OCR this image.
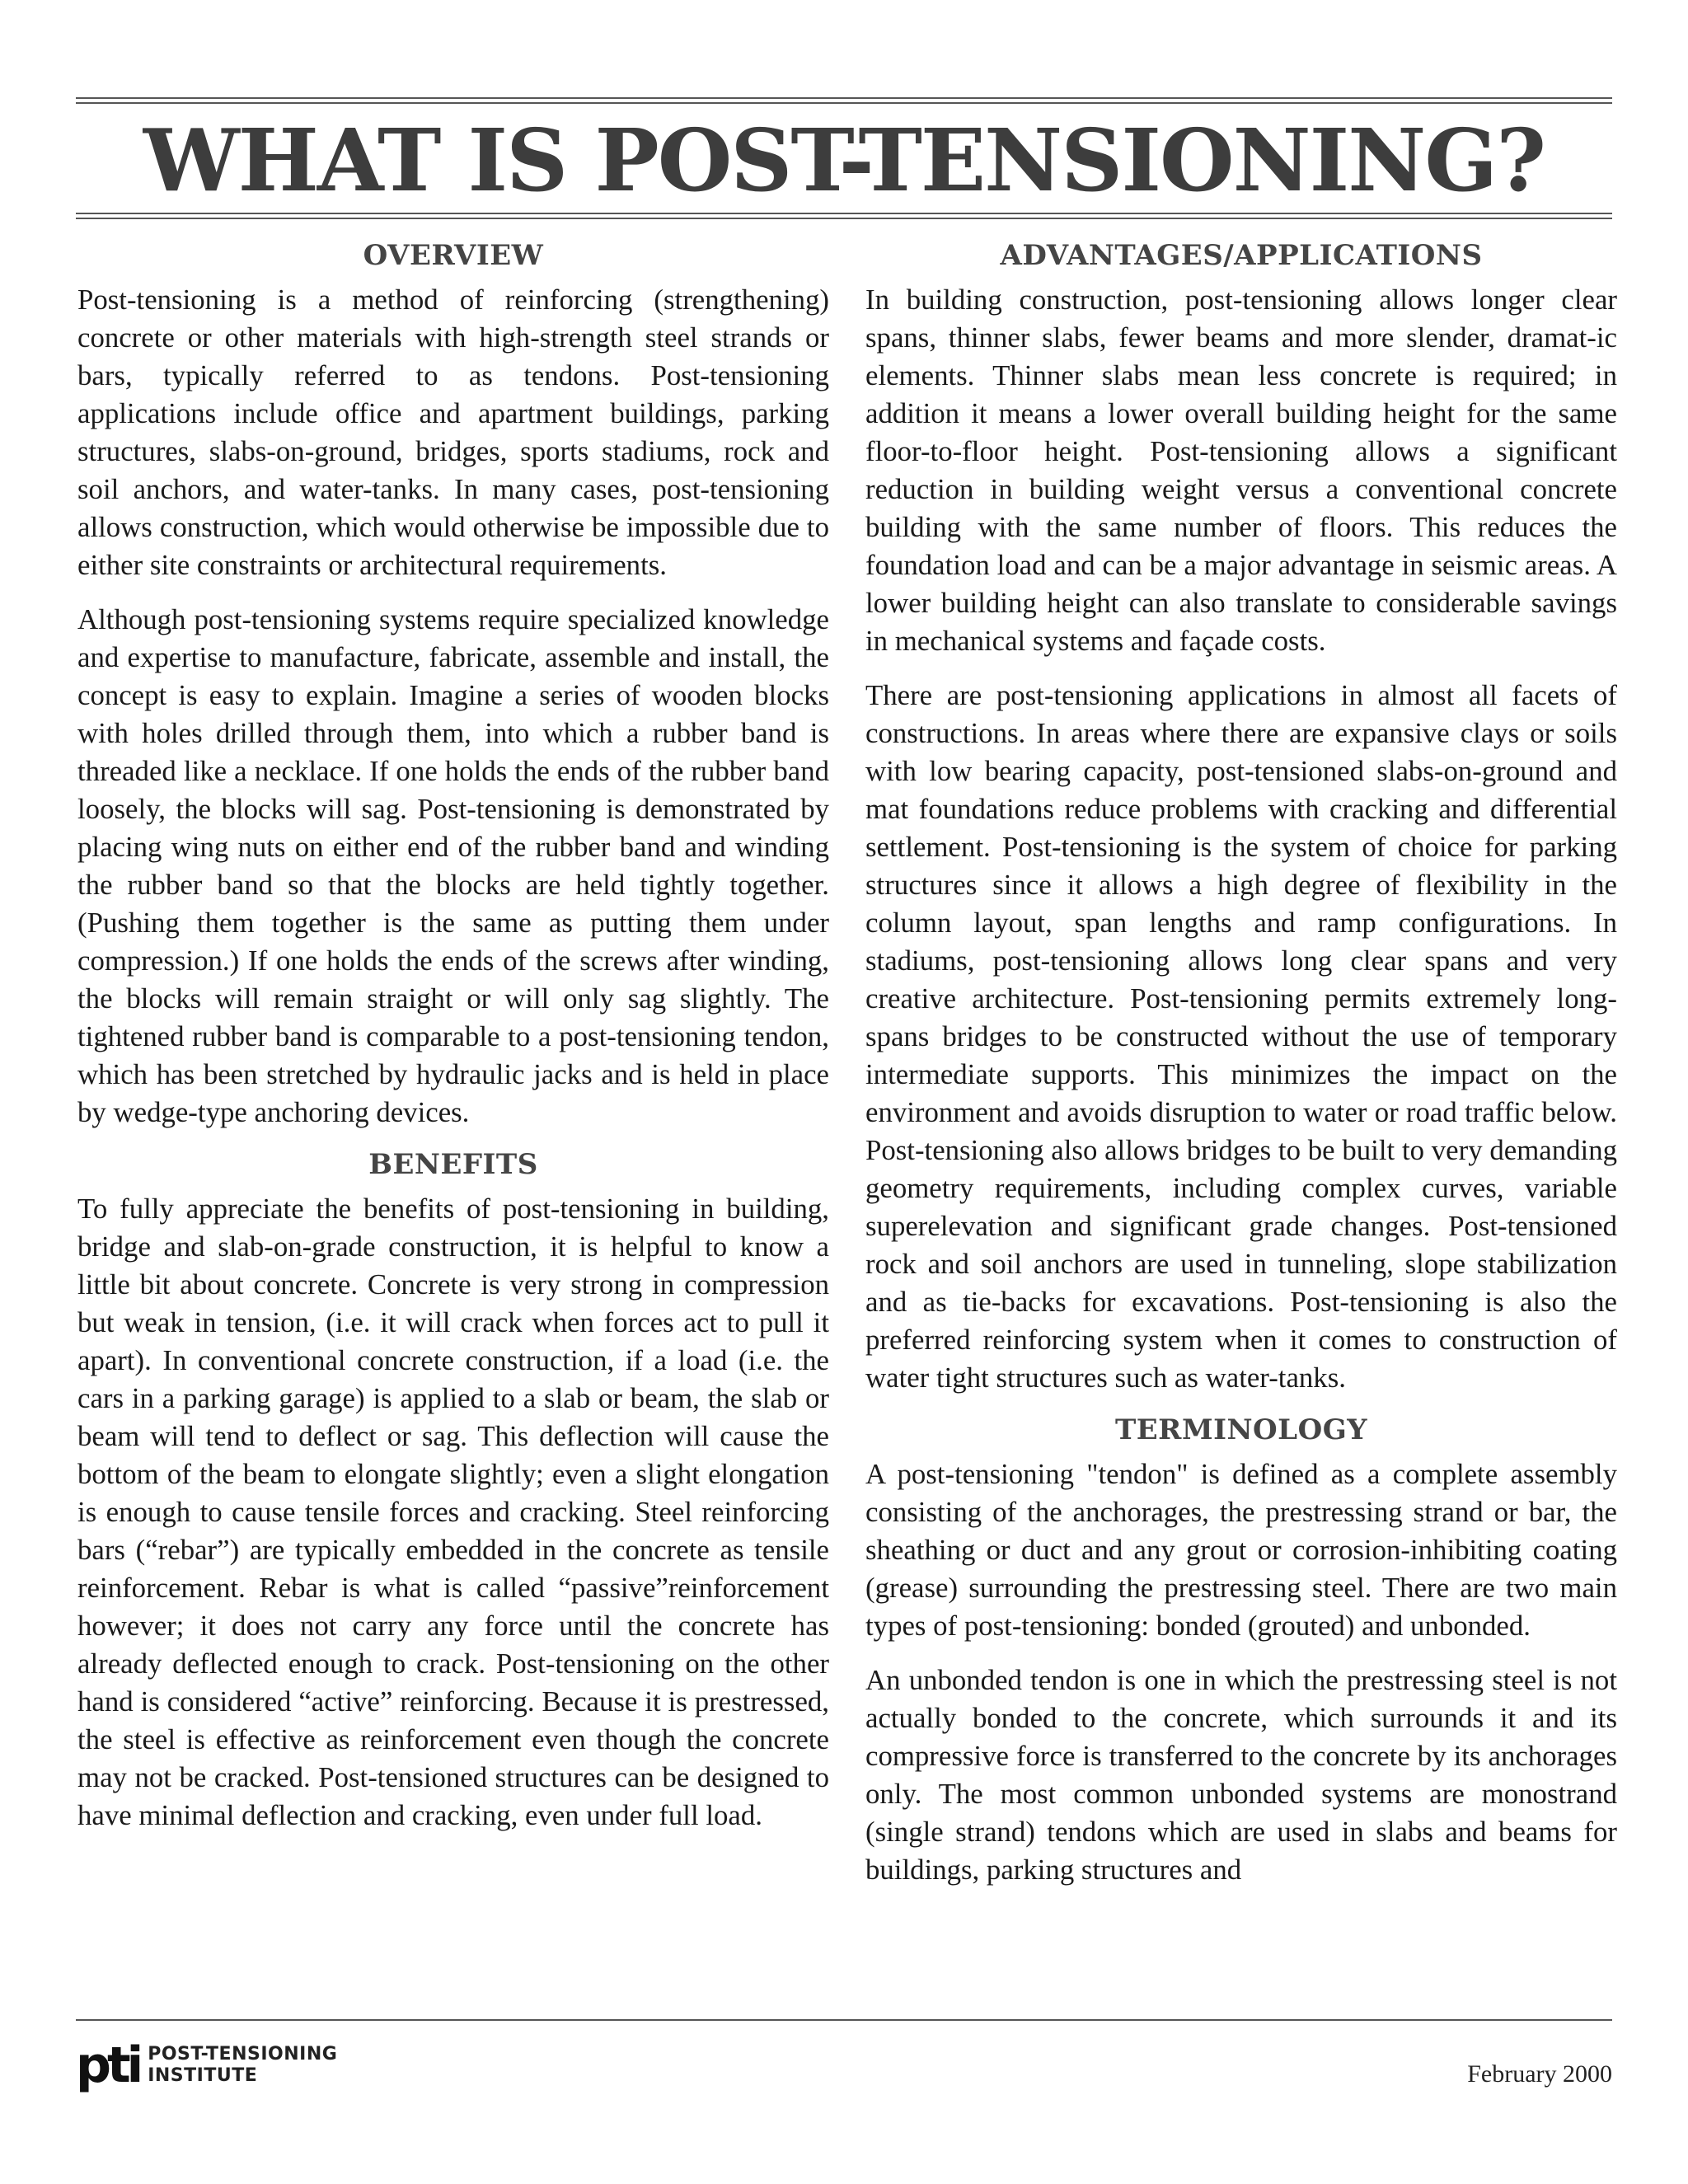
WHAT IS POST-TENSIONING?
OVERVIEW

Post-tensioning is a method of reinforcing (strengthening) concrete or other materials with high-strength steel strands or bars, typically referred to as tendons. Post-tensioning applications include office and apartment buildings, parking structures, slabs-on-ground, bridges, sports stadiums, rock and soil anchors, and water-tanks. In many cases, post-tensioning allows construction, which would otherwise be impossible due to either site constraints or architectural requirements.

Although post-tensioning systems require specialized knowledge and expertise to manufacture, fabricate, assemble and install, the concept is easy to explain. Imagine a series of wooden blocks with holes drilled through them, into which a rubber band is threaded like a necklace. If one holds the ends of the rubber band loosely, the blocks will sag. Post-tensioning is demonstrated by placing wing nuts on either end of the rubber band and winding the rubber band so that the blocks are held tightly together. (Pushing them together is the same as putting them under compression.) If one holds the ends of the screws after winding, the blocks will remain straight or will only sag slightly. The tightened rubber band is comparable to a post-tensioning tendon, which has been stretched by hydraulic jacks and is held in place by wedge-type anchoring devices.

BENEFITS

To fully appreciate the benefits of post-tensioning in building, bridge and slab-on-grade construction, it is helpful to know a little bit about concrete. Concrete is very strong in compression but weak in tension, (i.e. it will crack when forces act to pull it apart). In conventional concrete construction, if a load (i.e. the cars in a parking garage) is applied to a slab or beam, the slab or beam will tend to deflect or sag. This deflection will cause the bottom of the beam to elongate slightly; even a slight elongation is enough to cause tensile forces and cracking. Steel reinforcing bars (“rebar”) are typically embedded in the concrete as tensile reinforcement. Rebar is what is called “passive”reinforcement however; it does not carry any force until the concrete has already deflected enough to crack. Post-tensioning on the other hand is considered “active” reinforcing. Because it is prestressed, the steel is effective as reinforcement even though the concrete may not be cracked. Post-tensioned structures can be designed to have minimal deflection and cracking, even under full load.

ADVANTAGES/APPLICATIONS

In building construction, post-tensioning allows longer clear spans, thinner slabs, fewer beams and more slender, dramat-ic elements. Thinner slabs mean less concrete is required; in addition it means a lower overall building height for the same floor-to-floor height. Post-tensioning allows a significant reduction in building weight versus a conventional concrete building with the same number of floors. This reduces the foundation load and can be a major advantage in seismic areas. A lower building height can also translate to considerable savings in mechanical systems and façade costs.

There are post-tensioning applications in almost all facets of constructions. In areas where there are expansive clays or soils with low bearing capacity, post-tensioned slabs-on-ground and mat foundations reduce problems with cracking and differential settlement. Post-tensioning is the system of choice for parking structures since it allows a high degree of flexibility in the column layout, span lengths and ramp configurations. In stadiums, post-tensioning allows long clear spans and very creative architecture. Post-tensioning permits extremely long-spans bridges to be constructed without the use of temporary intermediate supports. This minimizes the impact on the environment and avoids disruption to water or road traffic below. Post-tensioning also allows bridges to be built to very demanding geometry requirements, including complex curves, variable superelevation and significant grade changes. Post-tensioned rock and soil anchors are used in tunneling, slope stabilization and as tie-backs for excavations. Post-tensioning is also the preferred reinforcing system when it comes to construction of water tight structures such as water-tanks.

TERMINOLOGY

A post-tensioning "tendon" is defined as a complete assembly consisting of the anchorages, the prestressing strand or bar, the sheathing or duct and any grout or corrosion-inhibiting coating (grease) surrounding the prestressing steel. There are two main types of post-tensioning: bonded (grouted) and unbonded.

An unbonded tendon is one in which the prestressing steel is not actually bonded to the concrete, which surrounds it and its compressive force is transferred to the concrete by its anchorages only. The most common unbonded systems are monostrand (single strand) tendons which are used in slabs and beams for buildings, parking structures and

pti POST-TENSIONING
INSTITUTE	February 2000
